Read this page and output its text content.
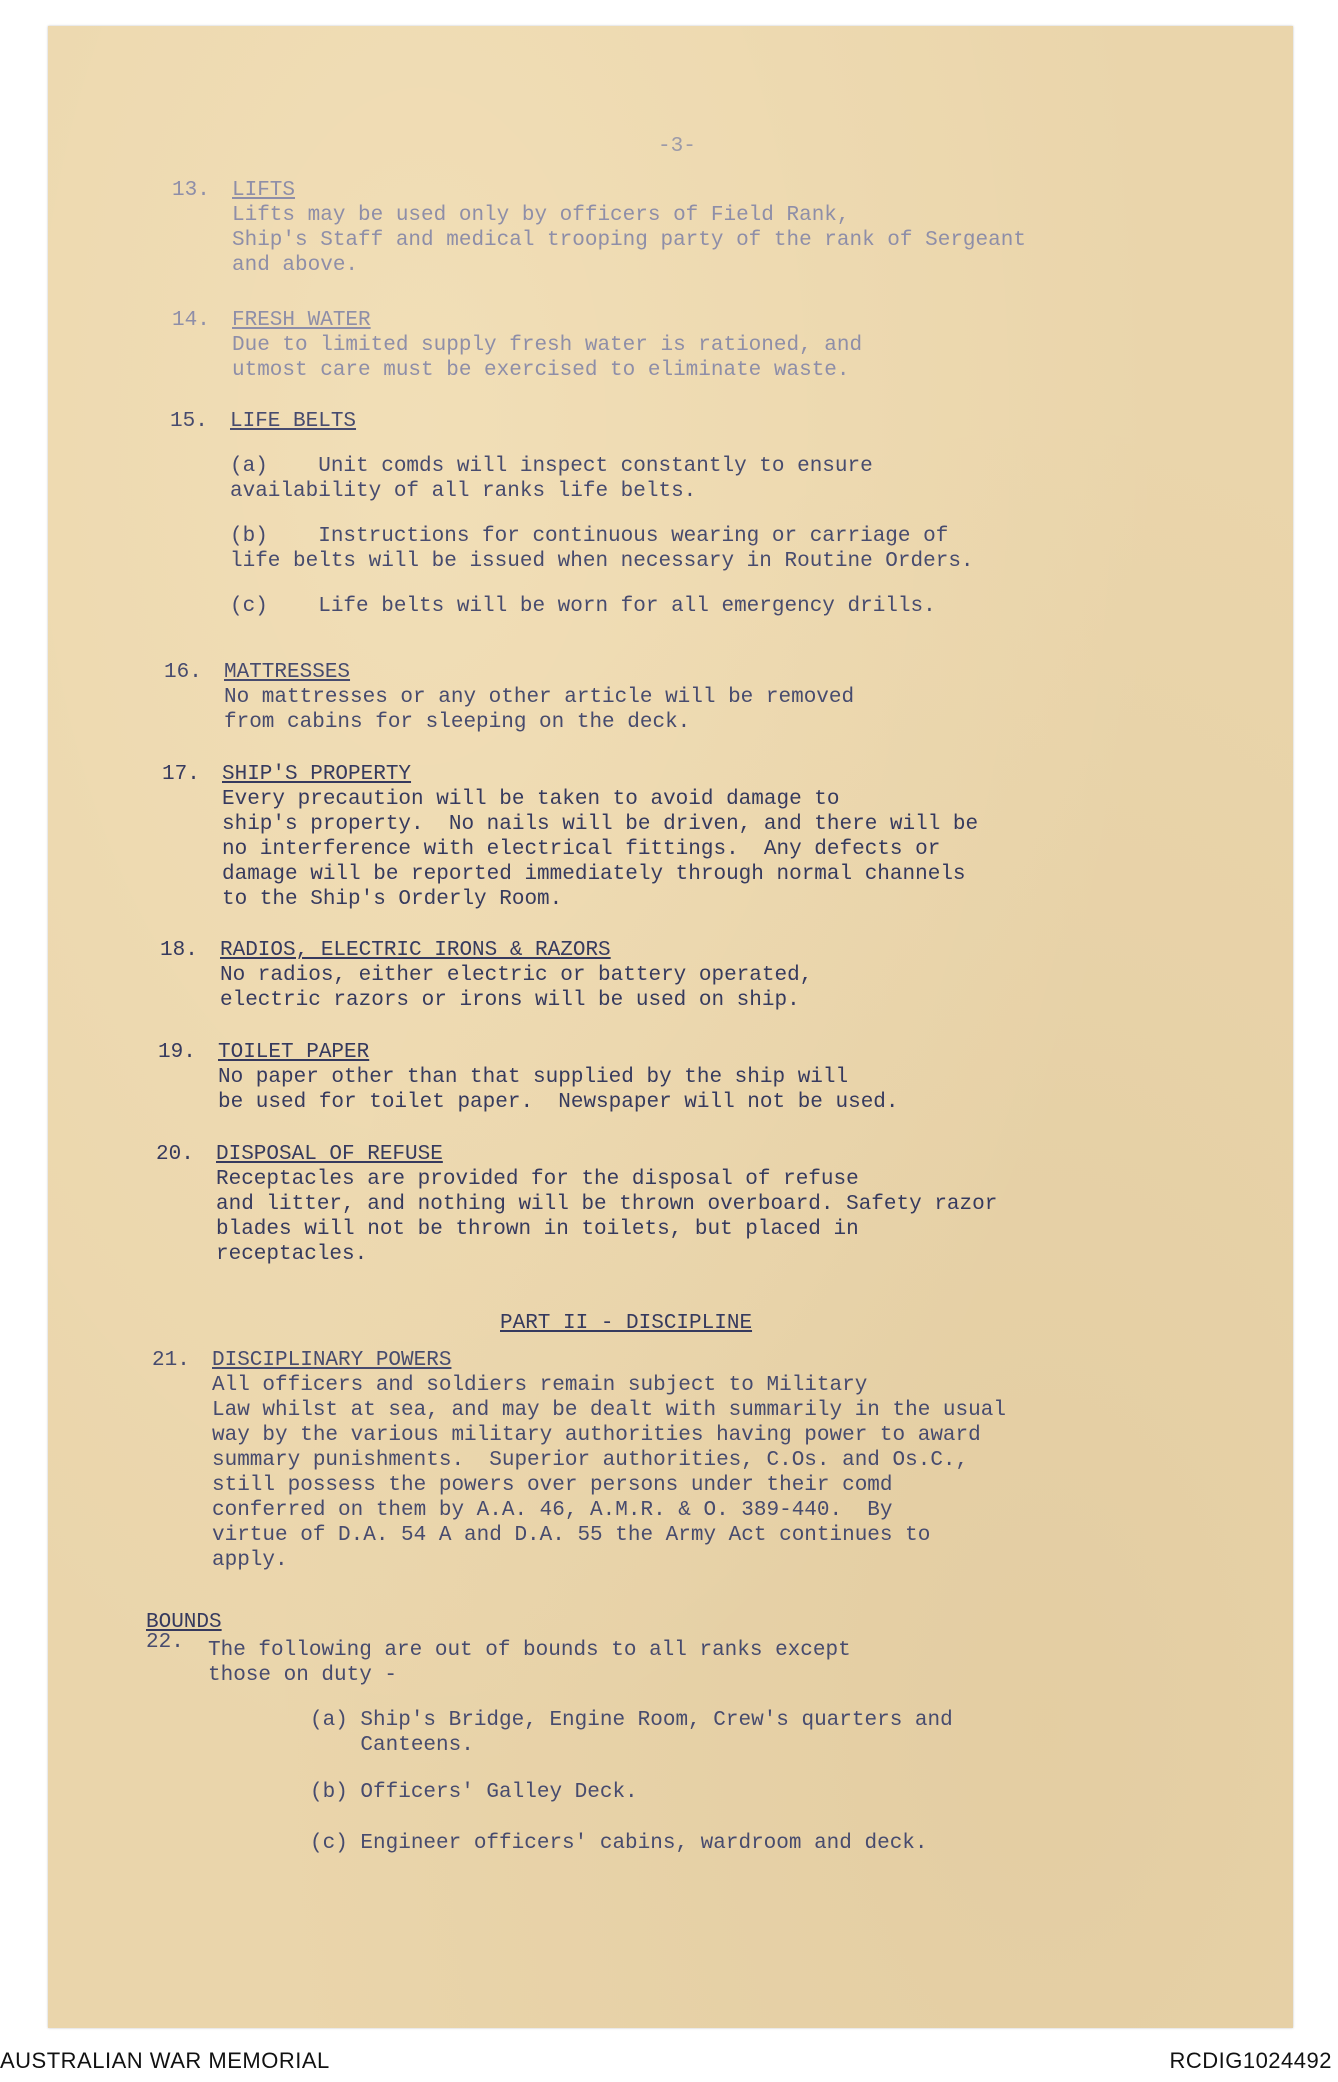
-3-
13.	LIFTS
Lifts may be used only by officers of Field Rank,
Ship's Staff and medical trooping party of the rank of Sergeant
and above.
14.	FRESH WATER
Due to limited supply fresh water is rationed, and
utmost care must be exercised to eliminate waste.
15.	LIFE BELTS
(a)    Unit comds will inspect constantly to ensure
availability of all ranks life belts.
(b)    Instructions for continuous wearing or carriage of
life belts will be issued when necessary in Routine Orders.
(c)    Life belts will be worn for all emergency drills.
16.	MATTRESSES
No mattresses or any other article will be removed
from cabins for sleeping on the deck.
17.	SHIP'S PROPERTY
Every precaution will be taken to avoid damage to
ship's property.  No nails will be driven, and there will be
no interference with electrical fittings.  Any defects or
damage will be reported immediately through normal channels
to the Ship's Orderly Room.
18.	RADIOS, ELECTRIC IRONS & RAZORS
No radios, either electric or battery operated,
electric razors or irons will be used on ship.
19.	TOILET PAPER
No paper other than that supplied by the ship will
be used for toilet paper.  Newspaper will not be used.
20.	DISPOSAL OF REFUSE
Receptacles are provided for the disposal of refuse
and litter, and nothing will be thrown overboard. Safety razor
blades will not be thrown in toilets, but placed in
receptacles.
PART II - DISCIPLINE
21.	DISCIPLINARY POWERS
All officers and soldiers remain subject to Military
Law whilst at sea, and may be dealt with summarily in the usual
way by the various military authorities having power to award
summary punishments.  Superior authorities, C.Os. and Os.C.,
still possess the powers over persons under their comd
conferred on them by A.A. 46, A.M.R. & O. 389-440.  By
virtue of D.A. 54 A and D.A. 55 the Army Act continues to
apply.
BOUNDS
22. The following are out of bounds to all ranks except
those on duty -
(a) Ship's Bridge, Engine Room, Crew's quarters and
Canteens.
(b) Officers' Galley Deck.
(c) Engineer officers' cabins, wardroom and deck.
AUSTRALIAN WAR MEMORIAL	RCDIG1024492
